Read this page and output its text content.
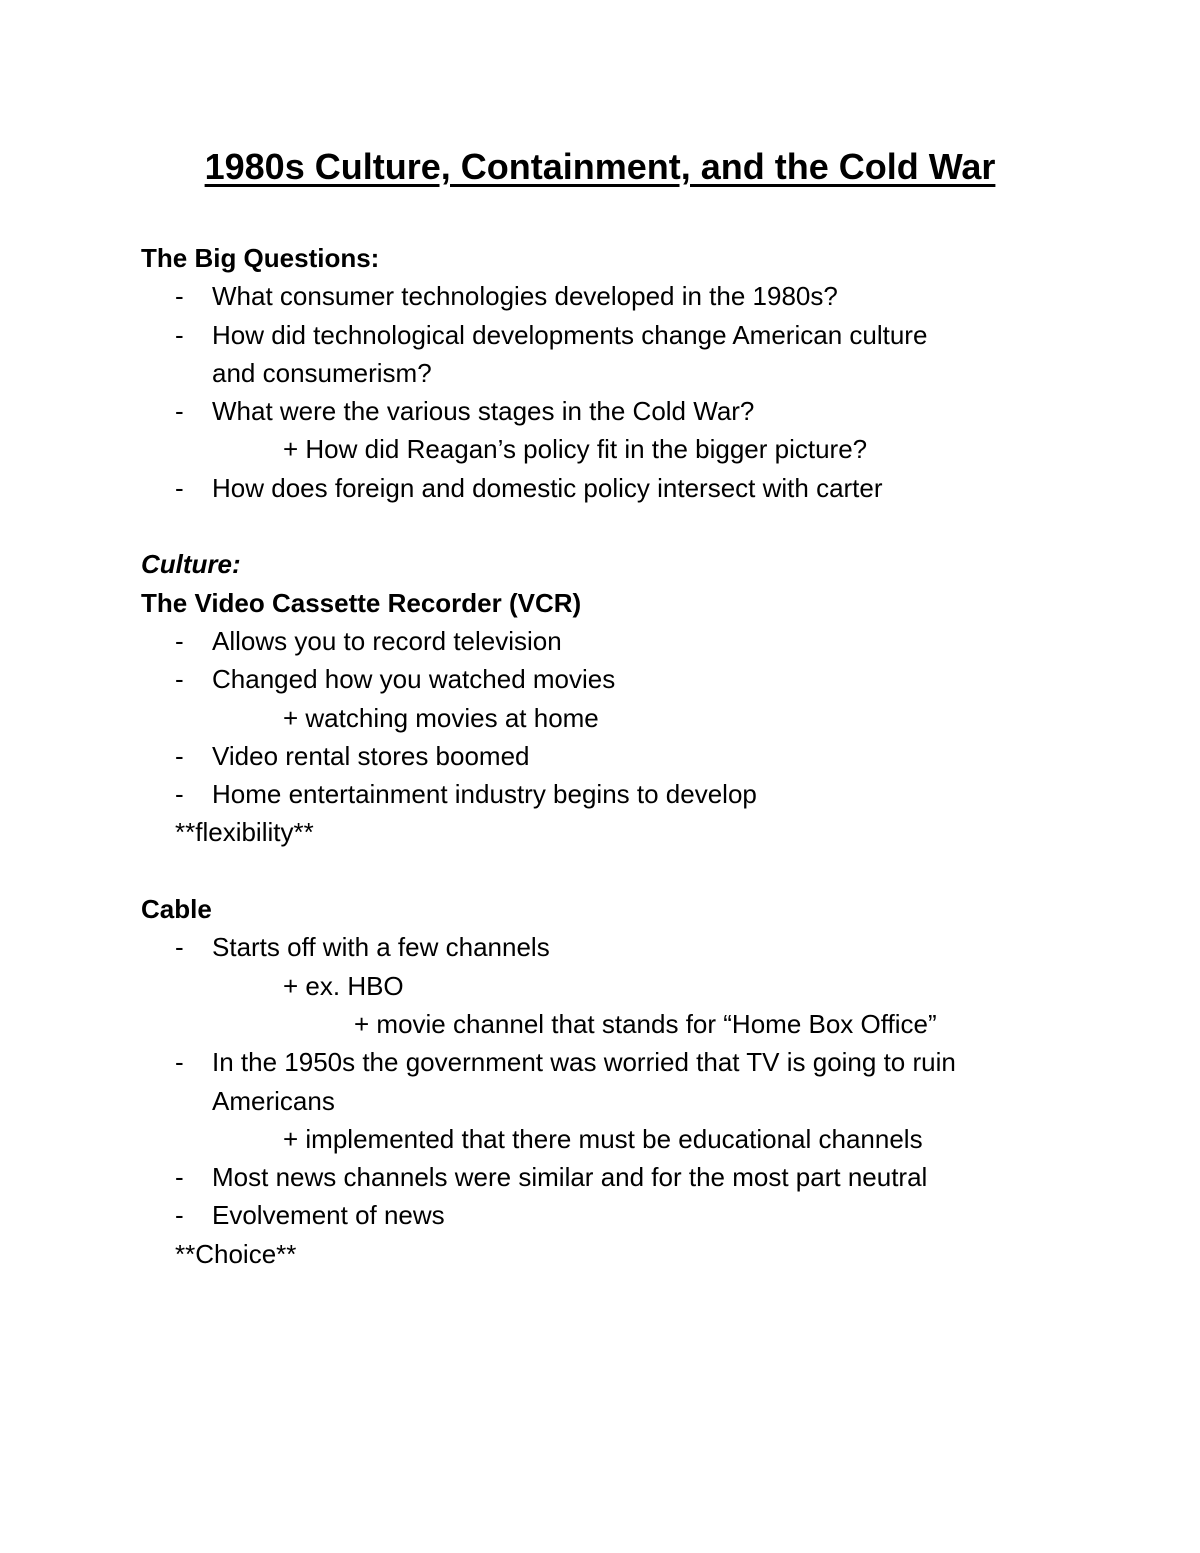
1980s Culture, Containment, and the Cold War
The Big Questions:
- What consumer technologies developed in the 1980s?
- How did technological developments change American culture
and consumerism?
- What were the various stages in the Cold War?
+ How did Reagan’s policy fit in the bigger picture?
- How does foreign and domestic policy intersect with carter
Culture:
The Video Cassette Recorder (VCR)
- Allows you to record television
- Changed how you watched movies
+ watching movies at home
- Video rental stores boomed
- Home entertainment industry begins to develop
**flexibility**
Cable
- Starts off with a few channels
+ ex. HBO
+ movie channel that stands for “Home Box Office”
- In the 1950s the government was worried that TV is going to ruin
Americans
+ implemented that there must be educational channels
- Most news channels were similar and for the most part neutral
- Evolvement of news
**Choice**
